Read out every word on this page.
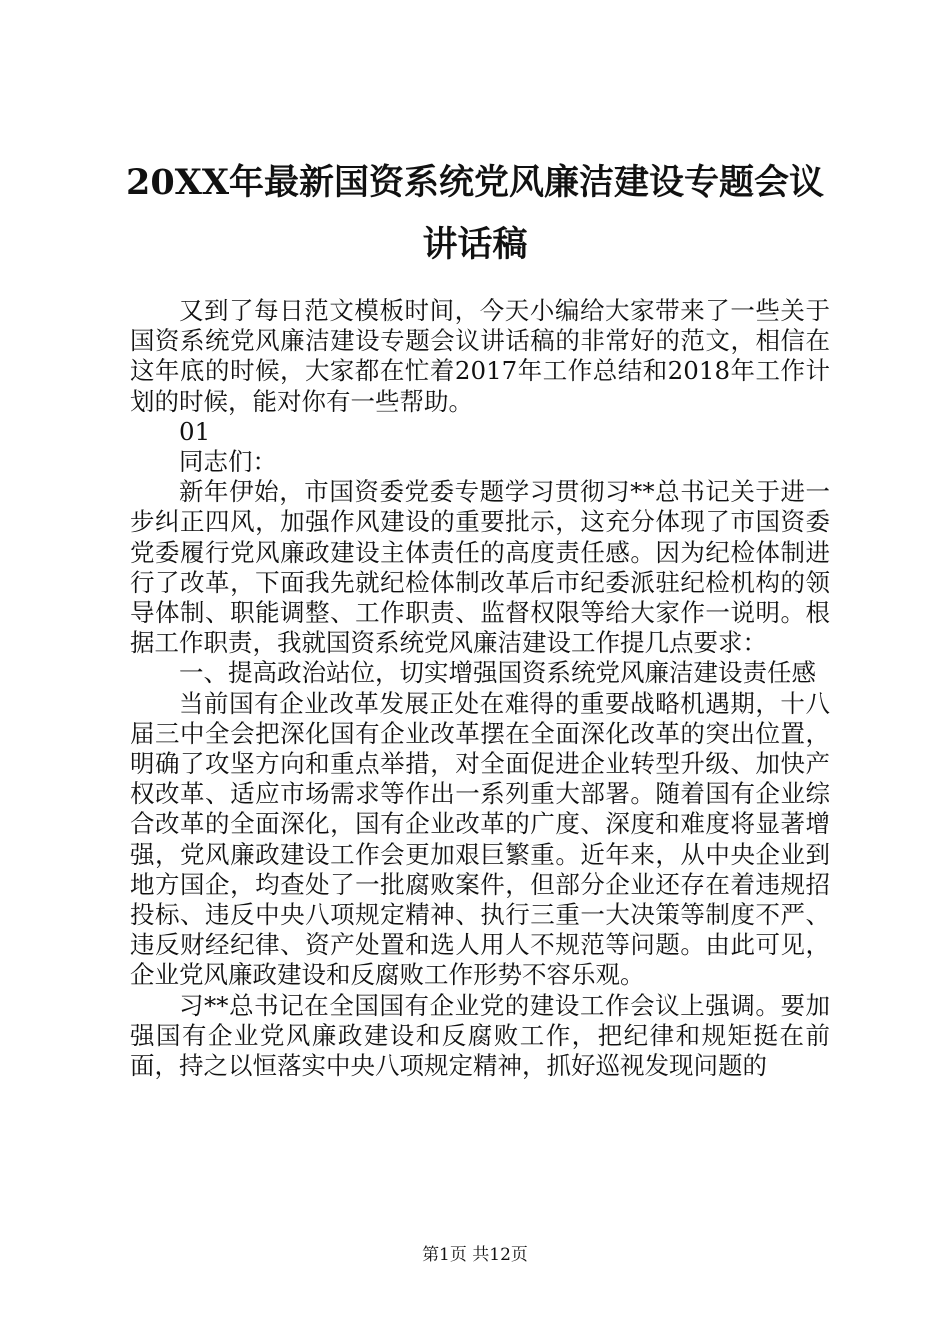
20XX年最新国资系统党风廉洁建设专题会议
讲话稿

又到了每日范文模板时间，今天小编给大家带来了一些关于国资系统党风廉洁建设专题会议讲话稿的非常好的范文，相信在这年底的时候，大家都在忙着2017年工作总结和2018年工作计划的时候，能对你有一些帮助。

01

同志们：

新年伊始，市国资委党委专题学习贯彻习**总书记关于进一步纠正四风，加强作风建设的重要批示，这充分体现了市国资委党委履行党风廉政建设主体责任的高度责任感。因为纪检体制进行了改革，下面我先就纪检体制改革后市纪委派驻纪检机构的领导体制、职能调整、工作职责、监督权限等给大家作一说明。根据工作职责，我就国资系统党风廉洁建设工作提几点要求：

一、提高政治站位，切实增强国资系统党风廉洁建设责任感

当前国有企业改革发展正处在难得的重要战略机遇期，十八届三中全会把深化国有企业改革摆在全面深化改革的突出位置，明确了攻坚方向和重点举措，对全面促进企业转型升级、加快产权改革、适应市场需求等作出一系列重大部署。随着国有企业综合改革的全面深化，国有企业改革的广度、深度和难度将显著增强，党风廉政建设工作会更加艰巨繁重。近年来，从中央企业到地方国企，均查处了一批腐败案件，但部分企业还存在着违规招投标、违反中央八项规定精神、执行三重一大决策等制度不严、违反财经纪律、资产处置和选人用人不规范等问题。由此可见，企业党风廉政建设和反腐败工作形势不容乐观。

习**总书记在全国国有企业党的建设工作会议上强调。要加强国有企业党风廉政建设和反腐败工作，把纪律和规矩挺在前面，持之以恒落实中央八项规定精神，抓好巡视发现问题的

第1页 共12页
